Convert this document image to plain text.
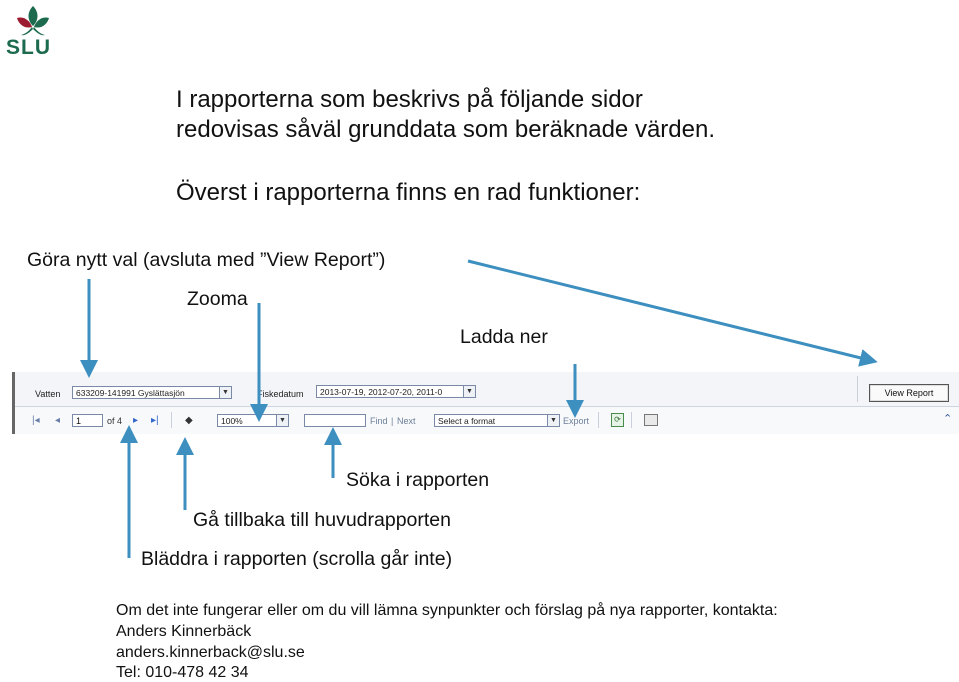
SLU
I rapporterna som beskrivs på följande sidor
redovisas såväl grunddata som beräknade värden.
Överst i rapporterna finns en rad funktioner:
Göra nytt val (avsluta med ”View Report”)
Zooma
Ladda ner
Söka i rapporten
Gå tillbaka till huvudrapporten
Bläddra i rapporten (scrolla går inte)
Vatten	633209-141991 Gyslättasjön	▼	Fiskedatum	2013-07-19, 2012-07-20, 2011-0	▼	View Report
|◂ ◂	1	of 4 ▸ ▸|	◆	100%	▼	Find | Next	Select a format	▼ Export	⟳	⌃
Om det inte fungerar eller om du vill lämna synpunkter och förslag på nya rapporter, kontakta:
Anders Kinnerbäck
anders.kinnerback@slu.se
Tel: 010-478 42 34
